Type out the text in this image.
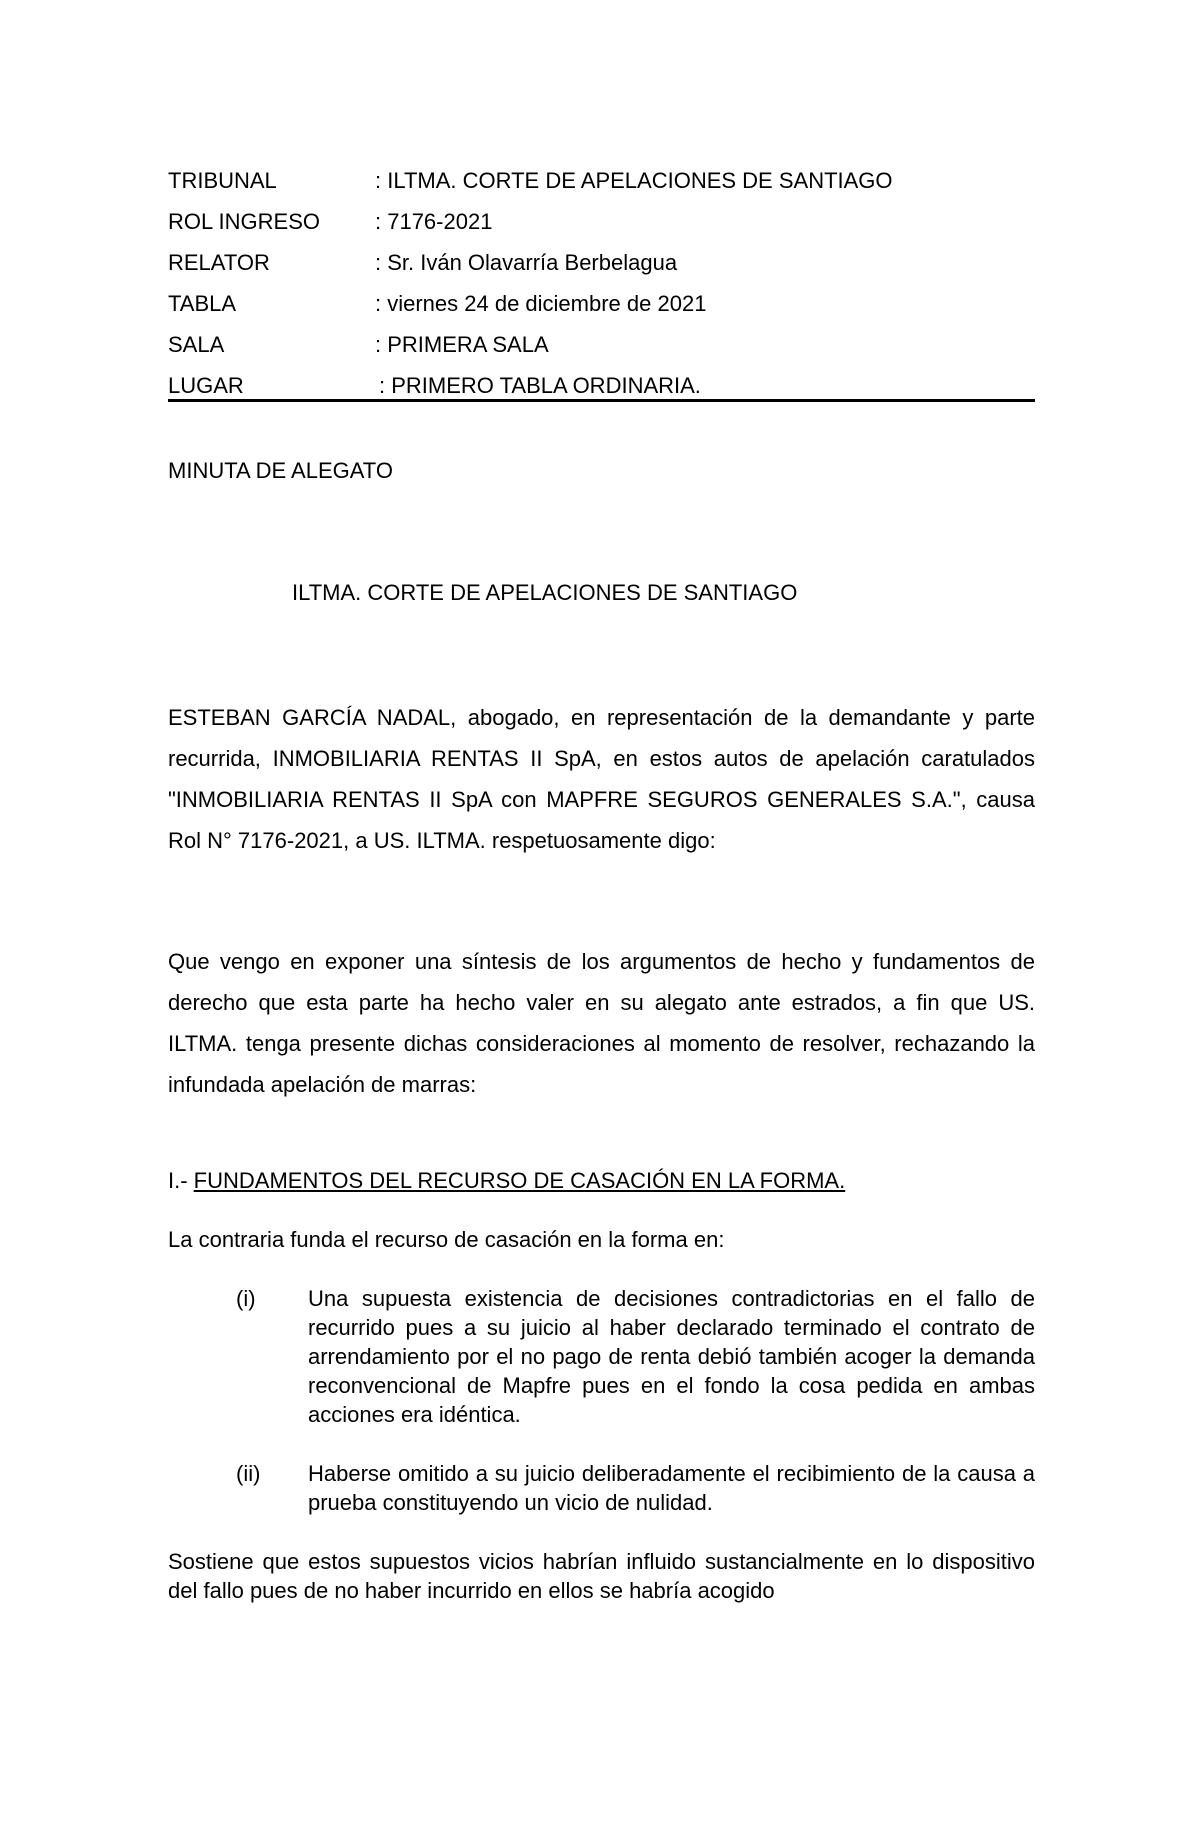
TRIBUNAL	: ILTMA. CORTE DE APELACIONES DE SANTIAGO
ROL INGRESO	: 7176-2021
RELATOR	: Sr. Iván Olavarría Berbelagua
TABLA	: viernes 24 de diciembre de 2021
SALA	: PRIMERA SALA
LUGAR	: PRIMERO TABLA ORDINARIA.
MINUTA DE ALEGATO
ILTMA. CORTE DE APELACIONES DE SANTIAGO
ESTEBAN GARCÍA NADAL, abogado, en representación de la demandante y parte recurrida, INMOBILIARIA RENTAS II SpA, en estos autos de apelación caratulados "INMOBILIARIA RENTAS II SpA con MAPFRE SEGUROS GENERALES S.A.", causa Rol N° 7176-2021, a US. ILTMA. respetuosamente digo:
Que vengo en exponer una síntesis de los argumentos de hecho y fundamentos de derecho que esta parte ha hecho valer en su alegato ante estrados, a fin que US. ILTMA. tenga presente dichas consideraciones al momento de resolver, rechazando la infundada apelación de marras:
I.- FUNDAMENTOS DEL RECURSO DE CASACIÓN EN LA FORMA.
La contraria funda el recurso de casación en la forma en:
(i) Una supuesta existencia de decisiones contradictorias en el fallo de recurrido pues a su juicio al haber declarado terminado el contrato de arrendamiento por el no pago de renta debió también acoger la demanda reconvencional de Mapfre pues en el fondo la cosa pedida en ambas acciones era idéntica.
(ii) Haberse omitido a su juicio deliberadamente el recibimiento de la causa a prueba constituyendo un vicio de nulidad.
Sostiene que estos supuestos vicios habrían influido sustancialmente en lo dispositivo del fallo pues de no haber incurrido en ellos se habría acogido
